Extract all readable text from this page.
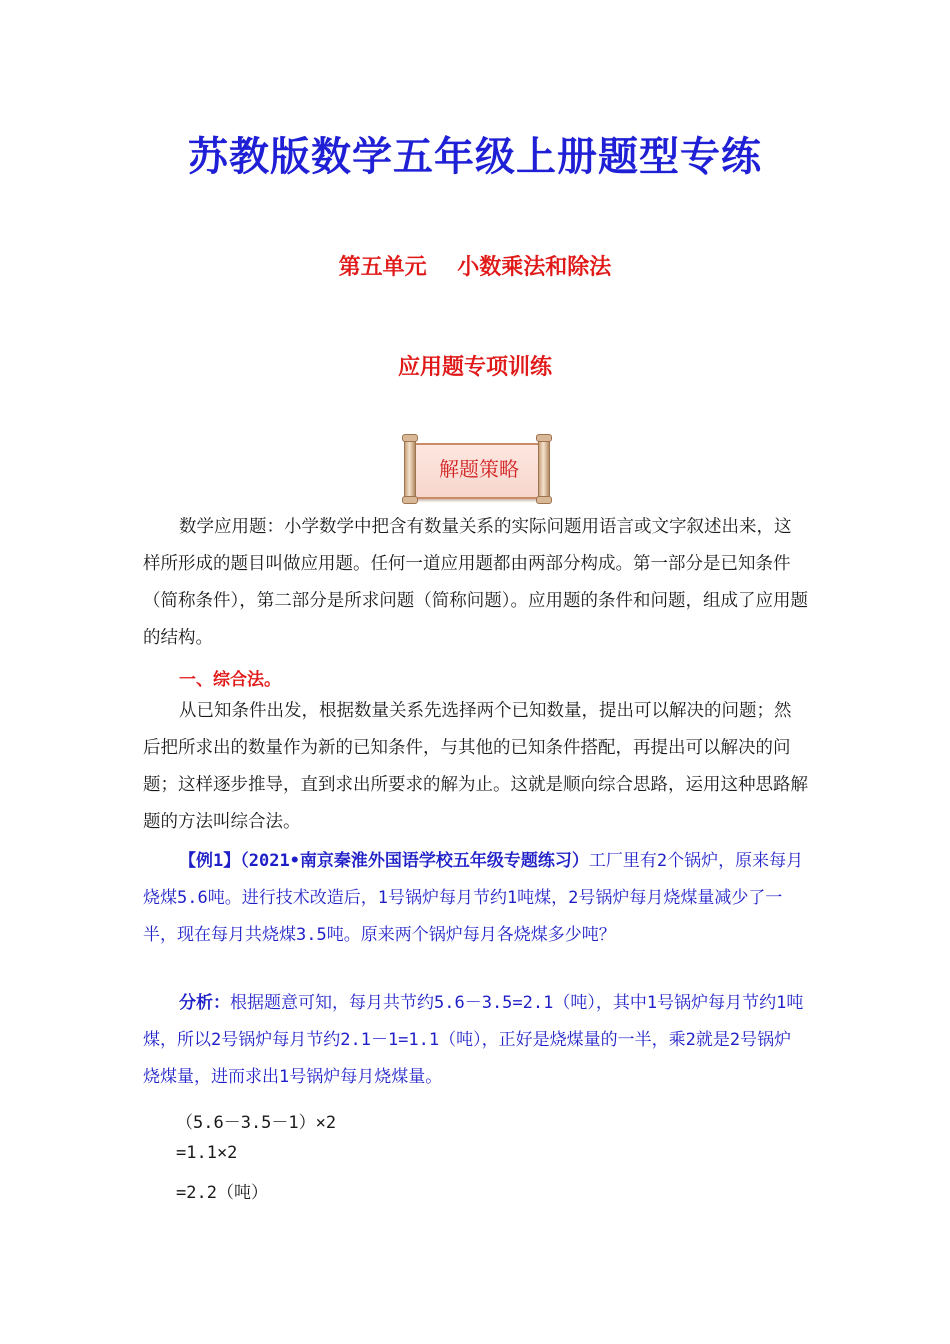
苏教版数学五年级上册题型专练
第五单元    小数乘法和除法
应用题专项训练
解题策略
数学应用题：小学数学中把含有数量关系的实际问题用语言或文字叙述出来，这样所形成的题目叫做应用题。任何一道应用题都由两部分构成。第一部分是已知条件（简称条件），第二部分是所求问题（简称问题）。应用题的条件和问题，组成了应用题的结构。
一、综合法。
从已知条件出发，根据数量关系先选择两个已知数量，提出可以解决的问题；然后把所求出的数量作为新的已知条件，与其他的已知条件搭配，再提出可以解决的问题；这样逐步推导，直到求出所要求的解为止。这就是顺向综合思路，运用这种思路解题的方法叫综合法。
【例1】（2021•南京秦淮外国语学校五年级专题练习）工厂里有2个锅炉，原来每月烧煤5.6吨。进行技术改造后，1号锅炉每月节约1吨煤，2号锅炉每月烧煤量减少了一半，现在每月共烧煤3.5吨。原来两个锅炉每月各烧煤多少吨？
分析：根据题意可知，每月共节约5.6－3.5=2.1（吨），其中1号锅炉每月节约1吨煤，所以2号锅炉每月节约2.1－1=1.1（吨），正好是烧煤量的一半，乘2就是2号锅炉烧煤量，进而求出1号锅炉每月烧煤量。
（5.6－3.5－1）×2
=1.1×2
=2.2（吨）
